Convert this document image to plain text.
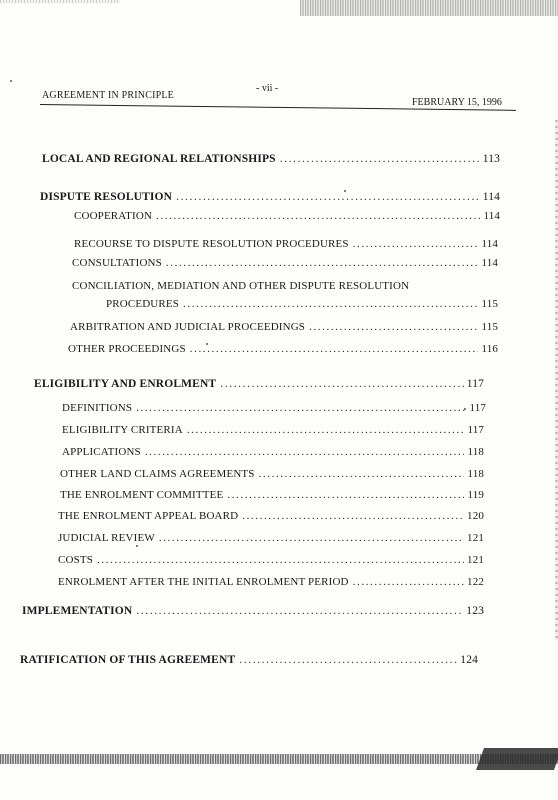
AGREEMENT IN PRINCIPLE
- vii -
FEBRUARY 15, 1996
LOCAL AND REGIONAL RELATIONSHIPS .....	113
DISPUTE RESOLUTION .....	114
COOPERATION .....	114
RECOURSE TO DISPUTE RESOLUTION PROCEDURES .....	114
CONSULTATIONS .....	114
CONCILIATION, MEDIATION AND OTHER DISPUTE RESOLUTION
PROCEDURES .....	115
ARBITRATION AND JUDICIAL PROCEEDINGS .....	115
OTHER PROCEEDINGS .....	116
ELIGIBILITY AND ENROLMENT .....	117
DEFINITIONS .....	117
ELIGIBILITY CRITERIA .....	117
APPLICATIONS .....	118
OTHER LAND CLAIMS AGREEMENTS .....	118
THE ENROLMENT COMMITTEE .....	119
THE ENROLMENT APPEAL BOARD .....	120
JUDICIAL REVIEW .....	121
COSTS .....	121
ENROLMENT AFTER THE INITIAL ENROLMENT PERIOD .....	122
IMPLEMENTATION .....	123
RATIFICATION OF THIS AGREEMENT .....	124
